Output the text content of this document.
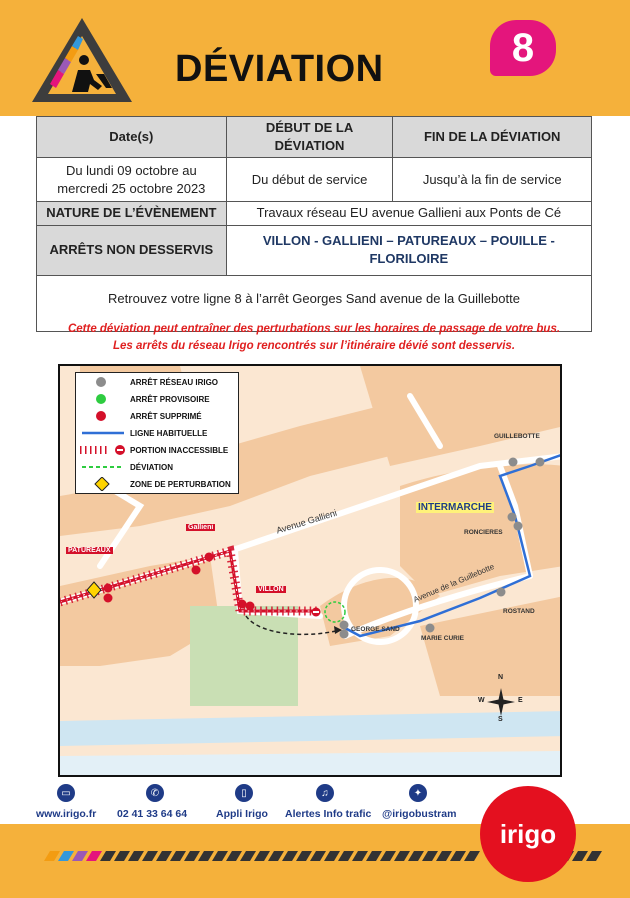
DÉVIATION	8
Date(s)	DÉBUT DE LA DÉVIATION	FIN DE LA DÉVIATION

Du lundi 09 octobre au
mercredi 25 octobre 2023	Du début de service	Jusqu’à la fin de service
NATURE DE L’ÉVÈNEMENT	Travaux réseau EU avenue Gallieni aux Ponts de Cé	
ARRÊTS NON DESSERVIS	VILLON - GALLIENI – PATUREAUX – POUILLE -
FLORILOIRE	

Retrouvez votre ligne 8 à l’arrêt Georges Sand avenue de la Guillebotte		
Cette déviation peut entraîner des perturbations sur les horaires de passage de votre bus.
Les arrêts du réseau Irigo rencontrés sur l’itinéraire dévié sont desservis.
Avenue Gallieni
Avenue de la Guillebotte
INTERMARCHE
PATUREAUX
Gallieni
VILLON
GEORGE SAND
MARIE CURIE
ROSTAND
RONCIERES
GUILLEBOTTE
N
S
E
W
ARRÊT RÉSEAU IRIGO
ARRÊT PROVISOIRE
ARRÊT SUPPRIMÉ
LIGNE HABITUELLE
PORTION INACCESSIBLE
DÉVIATION
ZONE DE PERTURBATION
▭
www.irigo.fr
✆
02 41 33 64 64
▯
Appli Irigo
♫
Alertes Info trafic
✦
@irigobustram
irigo
